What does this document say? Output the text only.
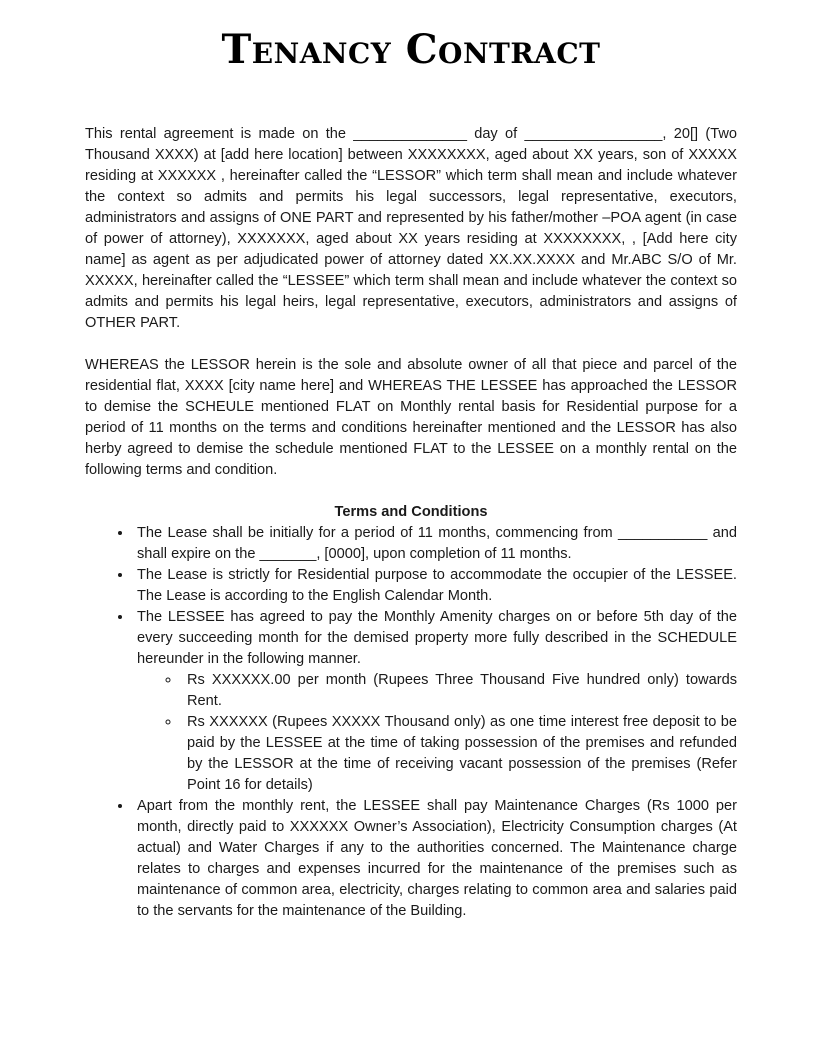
Tenancy Contract

This rental agreement is made on the ______________ day of _________________, 20[] (Two Thousand XXXX) at [add here location] between XXXXXXXX, aged about XX years, son of XXXXX residing at XXXXXX , hereinafter called the “LESSOR” which term shall mean and include whatever the context so admits and permits his legal successors, legal representative, executors, administrators and assigns of ONE PART and represented by his father/mother –POA agent (in case of power of attorney), XXXXXXX, aged about XX years residing at XXXXXXXX, , [Add here city name] as agent as per adjudicated power of attorney dated XX.XX.XXXX and Mr.ABC S/O of Mr. XXXXX, hereinafter called the “LESSEE” which term shall mean and include whatever the context so admits and permits his legal heirs, legal representative, executors, administrators and assigns of OTHER PART.

WHEREAS the LESSOR herein is the sole and absolute owner of all that piece and parcel of the residential flat, XXXX [city name here] and WHEREAS THE LESSEE has approached the LESSOR to demise the SCHEULE mentioned FLAT on Monthly rental basis for Residential purpose for a period of 11 months on the terms and conditions hereinafter mentioned and the LESSOR has also herby agreed to demise the schedule mentioned FLAT to the LESSEE on a monthly rental on the following terms and condition.

Terms and Conditions
• The Lease shall be initially for a period of 11 months, commencing from ___________ and shall expire on the _______, [0000], upon completion of 11 months.
• The Lease is strictly for Residential purpose to accommodate the occupier of the LESSEE. The Lease is according to the English Calendar Month.
• The LESSEE has agreed to pay the Monthly Amenity charges on or before 5th day of the every succeeding month for the demised property more fully described in the SCHEDULE hereunder in the following manner.
◦ Rs XXXXXX.00 per month (Rupees Three Thousand Five hundred only) towards Rent.
◦ Rs XXXXXX (Rupees XXXXX Thousand only) as one time interest free deposit to be paid by the LESSEE at the time of taking possession of the premises and refunded by the LESSOR at the time of receiving vacant possession of the premises (Refer Point 16 for details)
• Apart from the monthly rent, the LESSEE shall pay Maintenance Charges (Rs 1000 per month, directly paid to XXXXXX Owner’s Association), Electricity Consumption charges (At actual) and Water Charges if any to the authorities concerned. The Maintenance charge relates to charges and expenses incurred for the maintenance of the premises such as maintenance of common area, electricity, charges relating to common area and salaries paid to the servants for the maintenance of the Building.
